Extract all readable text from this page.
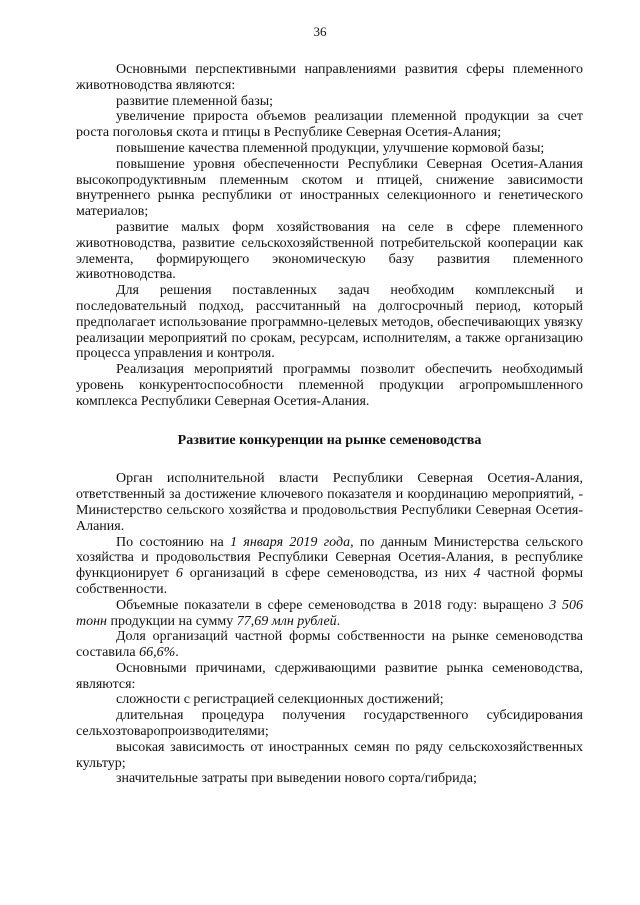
36

Основными перспективными направлениями развития сферы племенного животноводства являются:

развитие племенной базы;

увеличение прироста объемов реализации племенной продукции за счет роста поголовья скота и птицы в Республике Северная Осетия-Алания;

повышение качества племенной продукции, улучшение кормовой базы;

повышение уровня обеспеченности Республики Северная Осетия-Алания высокопродуктивным племенным скотом и птицей, снижение зависимости внутреннего рынка республики от иностранных селекционного и генетического материалов;

развитие малых форм хозяйствования на селе в сфере племенного животноводства, развитие сельскохозяйственной потребительской кооперации как элемента, формирующего экономическую базу развития племенного животноводства.

Для решения поставленных задач необходим комплексный и последовательный подход, рассчитанный на долгосрочный период, который предполагает использование программно-целевых методов, обеспечивающих увязку реализации мероприятий по срокам, ресурсам, исполнителям, а также организацию процесса управления и контроля.

Реализация мероприятий программы позволит обеспечить необходимый уровень конкурентоспособности племенной продукции агропромышленного комплекса Республики Северная Осетия-Алания.

Развитие конкуренции на рынке семеноводства

Орган исполнительной власти Республики Северная Осетия-Алания, ответственный за достижение ключевого показателя и координацию мероприятий, - Министерство сельского хозяйства и продовольствия Республики Северная Осетия-Алания.

По состоянию на 1 января 2019 года, по данным Министерства сельского хозяйства и продовольствия Республики Северная Осетия-Алания, в республике функционирует 6 организаций в сфере семеноводства, из них 4 частной формы собственности.

Объемные показатели в сфере семеноводства в 2018 году: выращено 3 506 тонн продукции на сумму 77,69 млн рублей.

Доля организаций частной формы собственности на рынке семеноводства составила 66,6%.

Основными причинами, сдерживающими развитие рынка семеноводства, являются:

сложности с регистрацией селекционных достижений;

длительная процедура получения государственного субсидирования сельхозтоваропроизводителями;

высокая зависимость от иностранных семян по ряду сельскохозяйственных культур;

значительные затраты при выведении нового сорта/гибрида;
